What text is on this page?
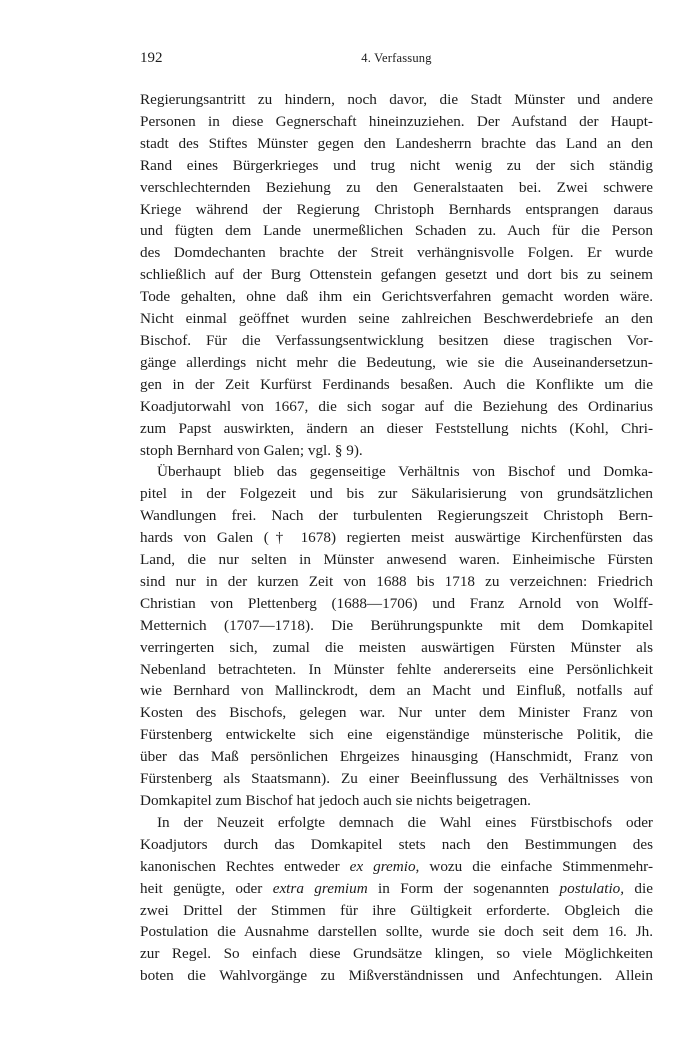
192	4. Verfassung
Regierungsantritt zu hindern, noch davor, die Stadt Münster und andere
Personen in diese Gegnerschaft hineinzuziehen. Der Aufstand der Haupt-
stadt des Stiftes Münster gegen den Landesherrn brachte das Land an den
Rand eines Bürgerkrieges und trug nicht wenig zu der sich ständig
verschlechternden Beziehung zu den Generalstaaten bei. Zwei schwere
Kriege während der Regierung Christoph Bernhards entsprangen daraus
und fügten dem Lande unermeßlichen Schaden zu. Auch für die Person
des Domdechanten brachte der Streit verhängnisvolle Folgen. Er wurde
schließlich auf der Burg Ottenstein gefangen gesetzt und dort bis zu seinem
Tode gehalten, ohne daß ihm ein Gerichtsverfahren gemacht worden wäre.
Nicht einmal geöffnet wurden seine zahlreichen Beschwerdebriefe an den
Bischof. Für die Verfassungsentwicklung besitzen diese tragischen Vor-
gänge allerdings nicht mehr die Bedeutung, wie sie die Auseinandersetzun-
gen in der Zeit Kurfürst Ferdinands besaßen. Auch die Konflikte um die
Koadjutorwahl von 1667, die sich sogar auf die Beziehung des Ordinarius
zum Papst auswirkten, ändern an dieser Feststellung nichts (Kohl, Chri-
stoph Bernhard von Galen; vgl. § 9).
Überhaupt blieb das gegenseitige Verhältnis von Bischof und Domka-
pitel in der Folgezeit und bis zur Säkularisierung von grundsätzlichen
Wandlungen frei. Nach der turbulenten Regierungszeit Christoph Bern-
hards von Galen († 1678) regierten meist auswärtige Kirchenfürsten das
Land, die nur selten in Münster anwesend waren. Einheimische Fürsten
sind nur in der kurzen Zeit von 1688 bis 1718 zu verzeichnen: Friedrich
Christian von Plettenberg (1688—1706) und Franz Arnold von Wolff-
Metternich (1707—1718). Die Berührungspunkte mit dem Domkapitel
verringerten sich, zumal die meisten auswärtigen Fürsten Münster als
Nebenland betrachteten. In Münster fehlte andererseits eine Persönlichkeit
wie Bernhard von Mallinckrodt, dem an Macht und Einfluß, notfalls auf
Kosten des Bischofs, gelegen war. Nur unter dem Minister Franz von
Fürstenberg entwickelte sich eine eigenständige münsterische Politik, die
über das Maß persönlichen Ehrgeizes hinausging (Hanschmidt, Franz von
Fürstenberg als Staatsmann). Zu einer Beeinflussung des Verhältnisses von
Domkapitel zum Bischof hat jedoch auch sie nichts beigetragen.
In der Neuzeit erfolgte demnach die Wahl eines Fürstbischofs oder
Koadjutors durch das Domkapitel stets nach den Bestimmungen des
kanonischen Rechtes entweder ex gremio, wozu die einfache Stimmenmehr-
heit genügte, oder extra gremium in Form der sogenannten postulatio, die
zwei Drittel der Stimmen für ihre Gültigkeit erforderte. Obgleich die
Postulation die Ausnahme darstellen sollte, wurde sie doch seit dem 16. Jh.
zur Regel. So einfach diese Grundsätze klingen, so viele Möglichkeiten
boten die Wahlvorgänge zu Mißverständnissen und Anfechtungen. Allein
